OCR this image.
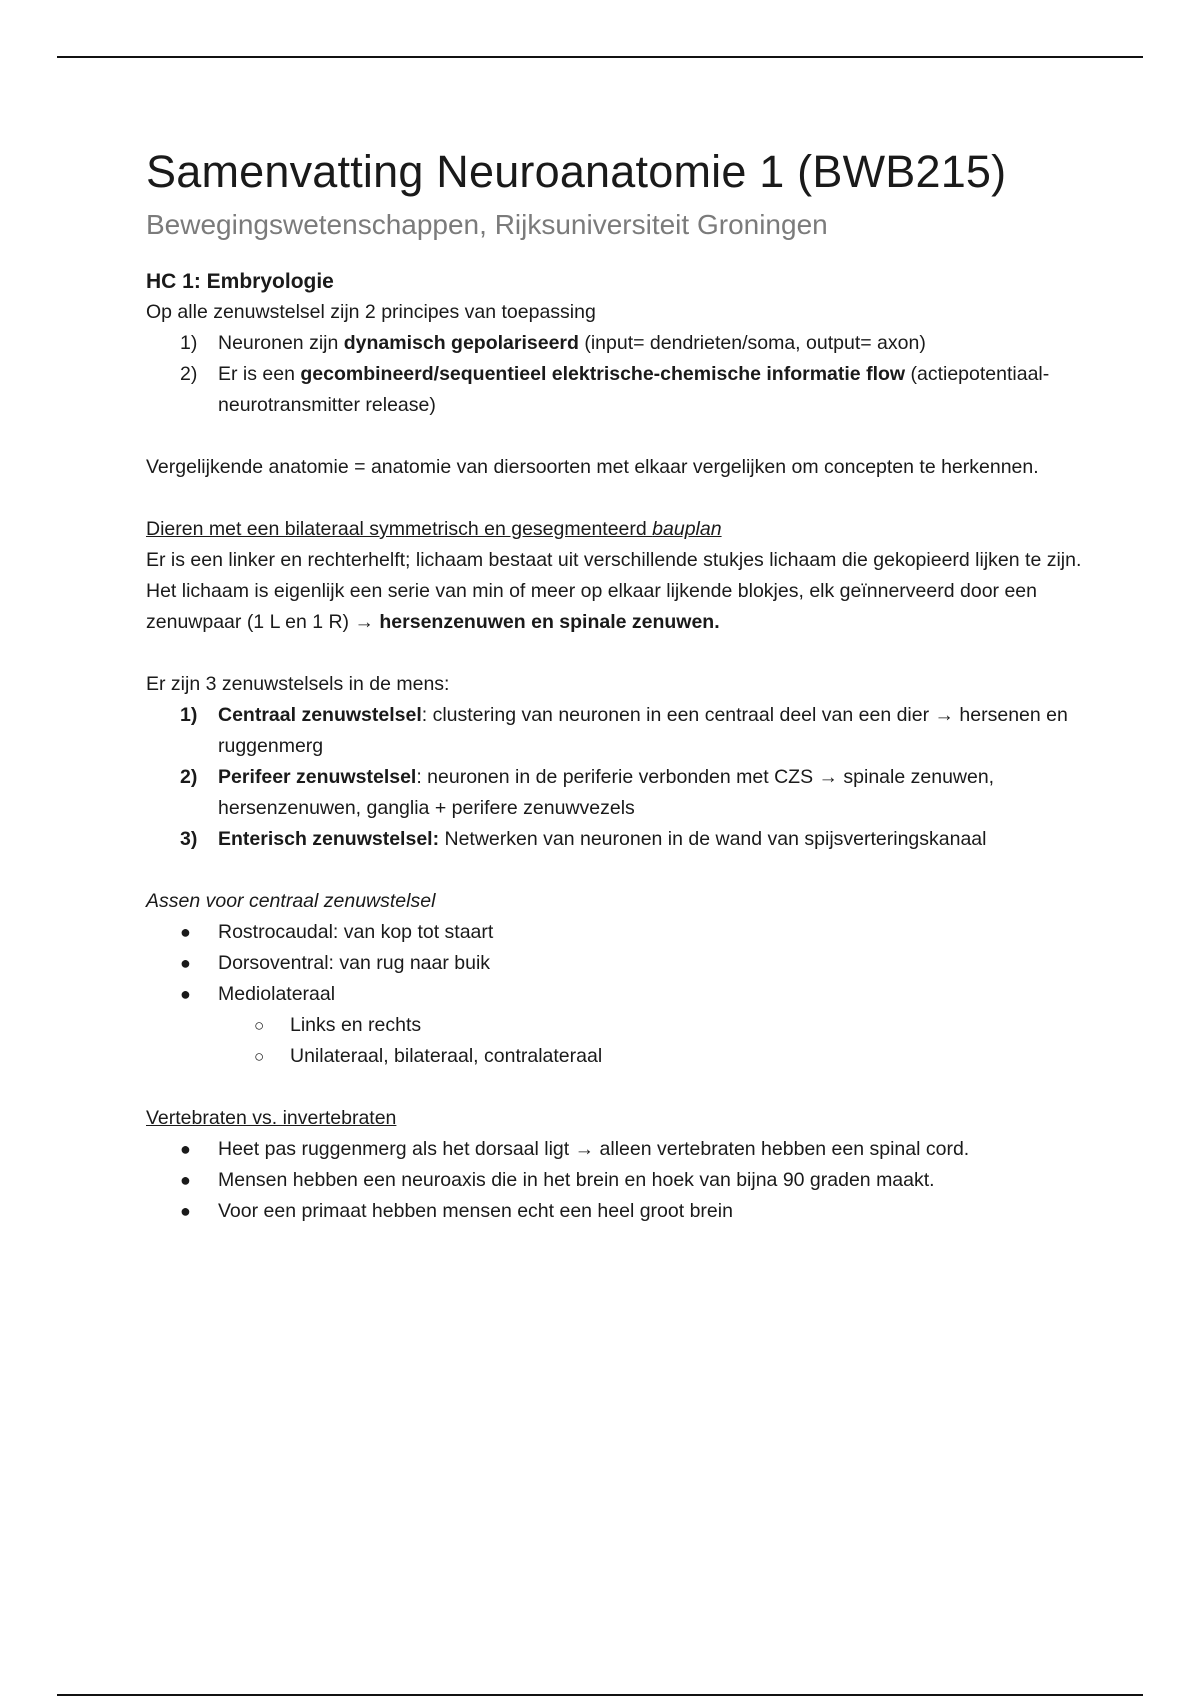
Samenvatting Neuroanatomie 1 (BWB215)

Bewegingswetenschappen, Rijksuniversiteit Groningen

HC 1: Embryologie

Op alle zenuwstelsel zijn 2 principes van toepassing

1)	Neuronen zijn dynamisch gepolariseerd (input= dendrieten/soma, output= axon)
2)	Er is een gecombineerd/sequentieel elektrische-chemische informatie flow (actiepotentiaal-neurotransmitter release)

Vergelijkende anatomie = anatomie van diersoorten met elkaar vergelijken om concepten te herkennen.

Dieren met een bilateraal symmetrisch en gesegmenteerd bauplan

Er is een linker en rechterhelft; lichaam bestaat uit verschillende stukjes lichaam die gekopieerd lijken te zijn. Het lichaam is eigenlijk een serie van min of meer op elkaar lijkende blokjes, elk geïnnerveerd door een zenuwpaar (1 L en 1 R) → hersenzenuwen en spinale zenuwen.

Er zijn 3 zenuwstelsels in de mens:

1)	Centraal zenuwstelsel: clustering van neuronen in een centraal deel van een dier → hersenen en ruggenmerg
2)	Perifeer zenuwstelsel: neuronen in de periferie verbonden met CZS → spinale zenuwen, hersenzenuwen, ganglia + perifere zenuwvezels
3)	Enterisch zenuwstelsel: Netwerken van neuronen in de wand van spijsverteringskanaal

Assen voor centraal zenuwstelsel

●	Rostrocaudal: van kop tot staart
●	Dorsoventral: van rug naar buik
●	Mediolateraal
○	Links en rechts
○	Unilateraal, bilateraal, contralateraal

Vertebraten vs. invertebraten

●	Heet pas ruggenmerg als het dorsaal ligt → alleen vertebraten hebben een spinal cord.
●	Mensen hebben een neuroaxis die in het brein en hoek van bijna 90 graden maakt.
●	Voor een primaat hebben mensen echt een heel groot brein
